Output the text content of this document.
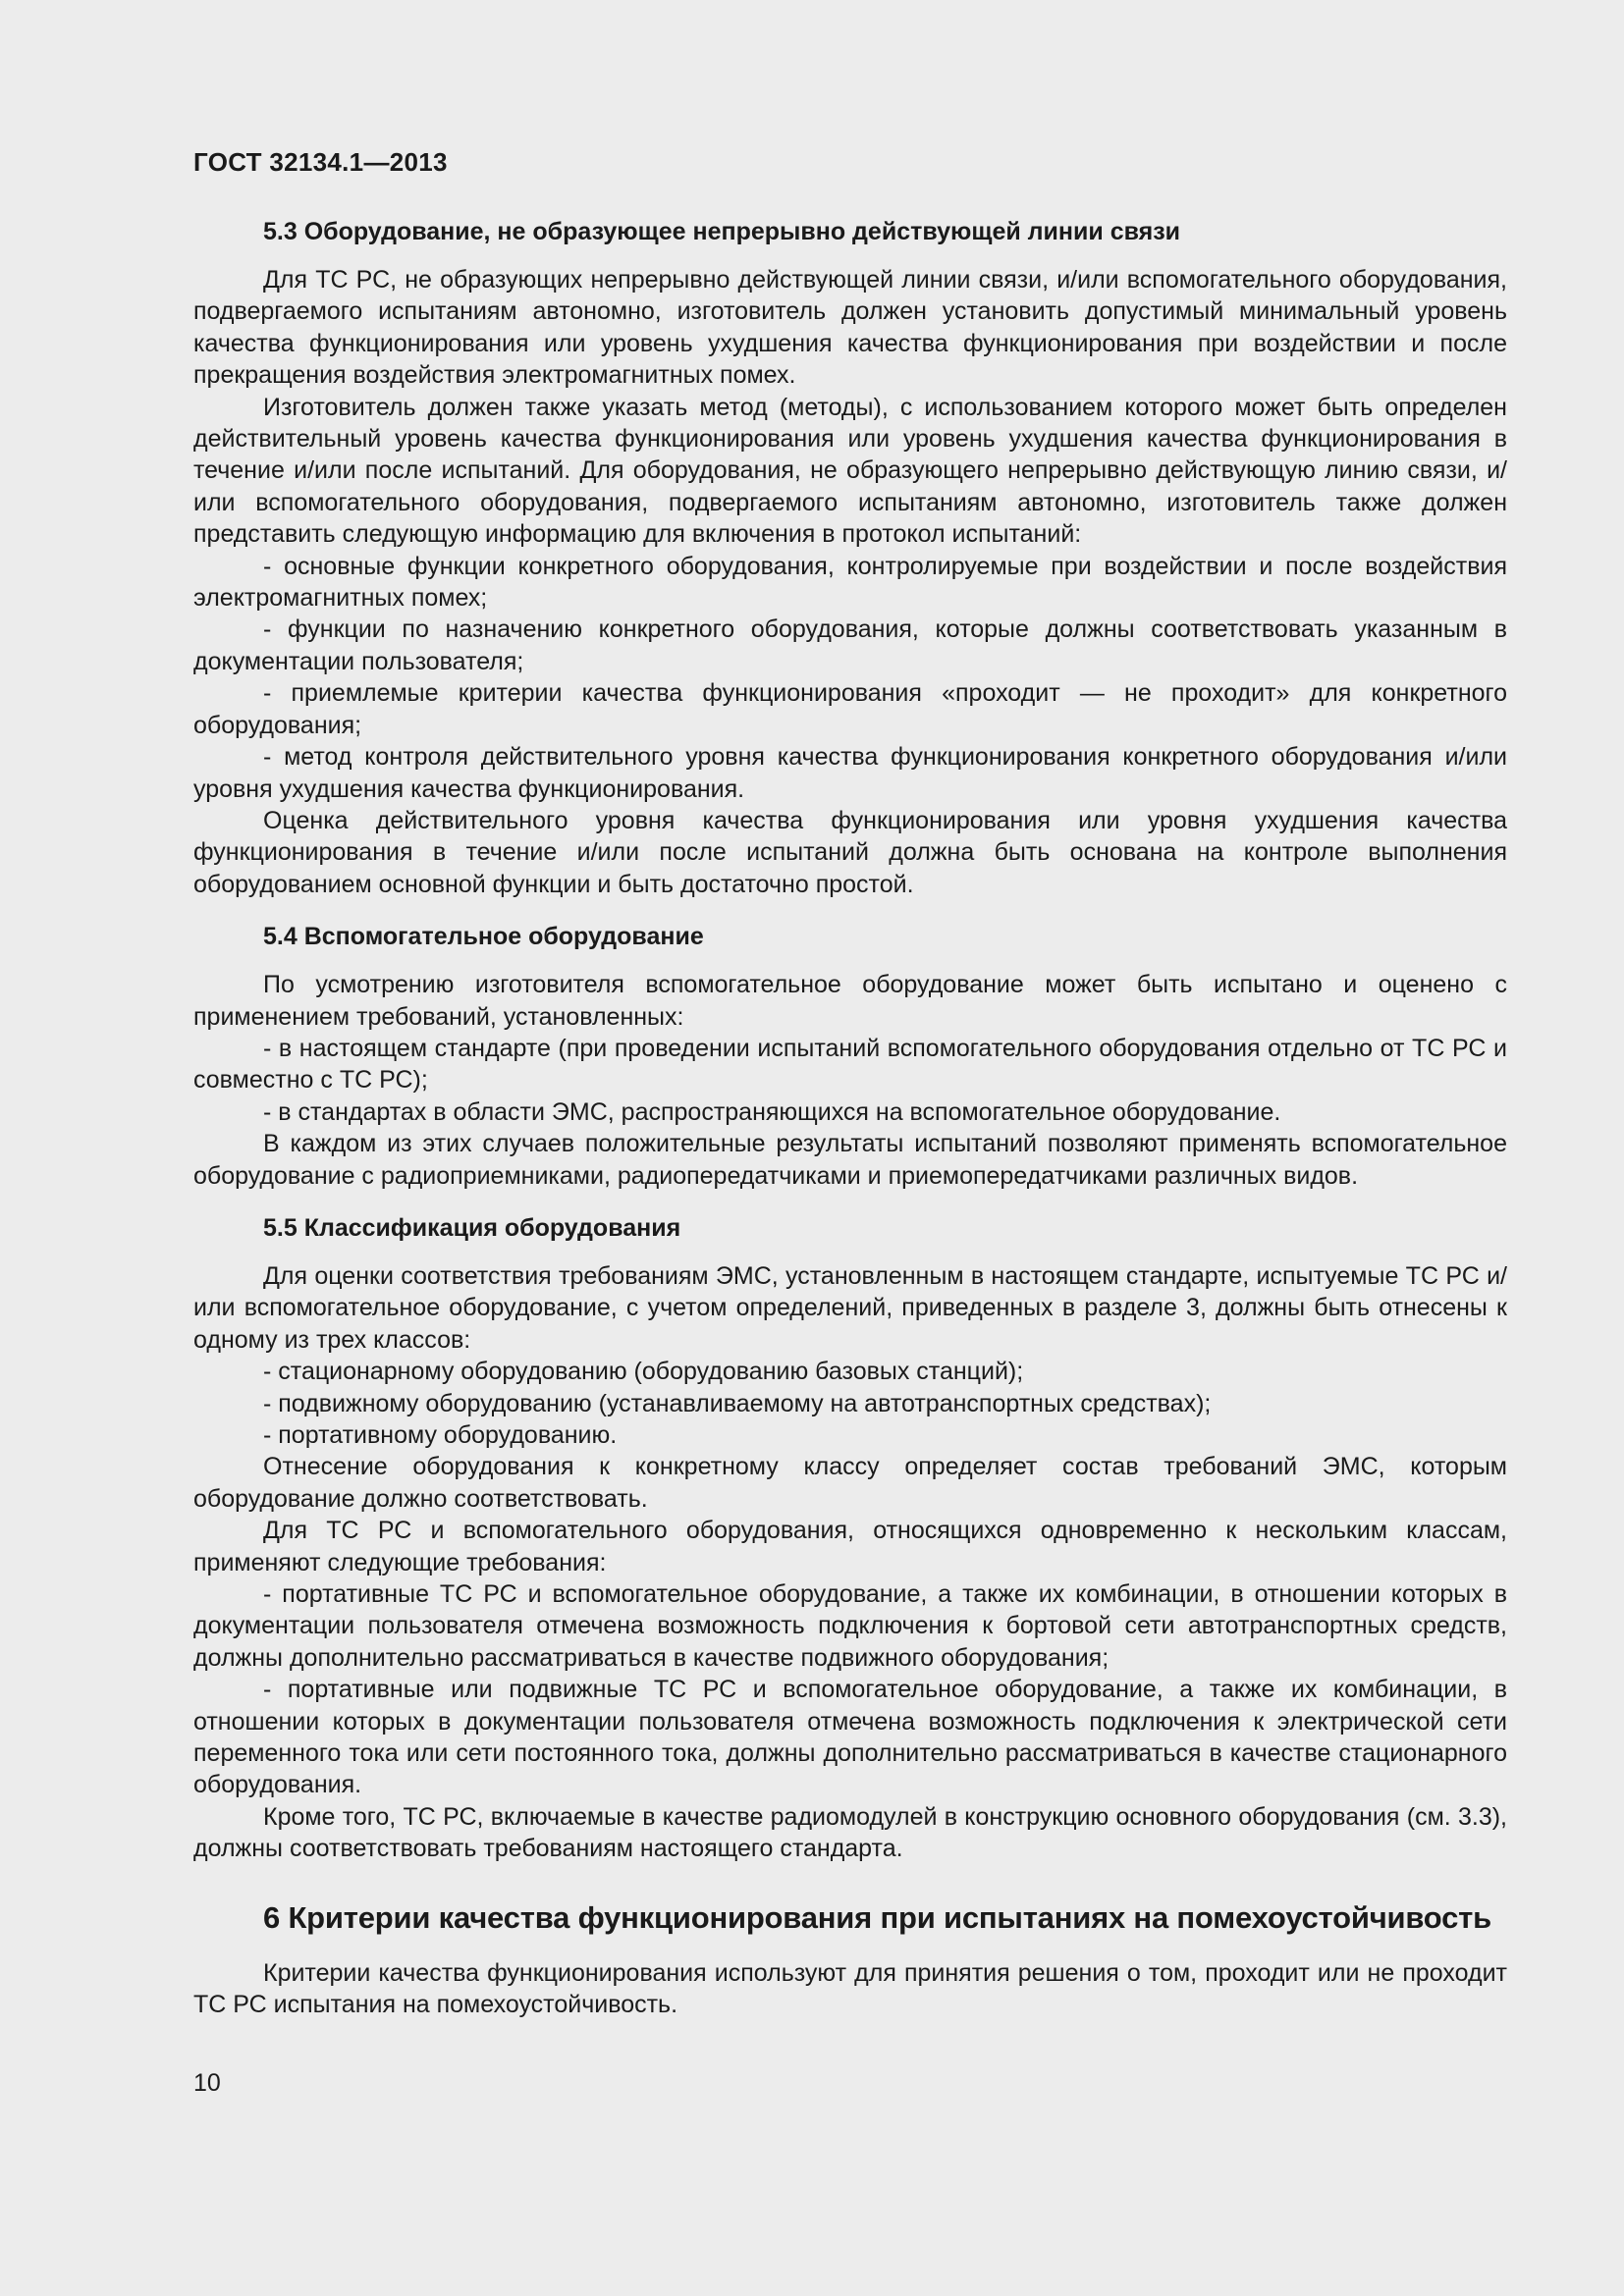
ГОСТ 32134.1—2013
5.3 Оборудование, не образующее непрерывно действующей линии связи

Для ТС РС, не образующих непрерывно действующей линии связи, и/или вспомогательного оборудования, подвергаемого испытаниям автономно, изготовитель должен установить допустимый минимальный уровень качества функционирования или уровень ухудшения качества функционирования при воздействии и после прекращения воздействия электромагнитных помех.

Изготовитель должен также указать метод (методы), с использованием которого может быть определен действительный уровень качества функционирования или уровень ухудшения качества функционирования в течение и/или после испытаний. Для оборудования, не образующего непрерывно действующую линию связи, и/или вспомогательного оборудования, подвергаемого испытаниям автономно, изготовитель также должен представить следующую информацию для включения в протокол испытаний:

- основные функции конкретного оборудования, контролируемые при воздействии и после воздействия электромагнитных помех;

- функции по назначению конкретного оборудования, которые должны соответствовать указанным в документации пользователя;

- приемлемые критерии качества функционирования «проходит — не проходит» для конкретного оборудования;

- метод контроля действительного уровня качества функционирования конкретного оборудования и/или уровня ухудшения качества функционирования.

Оценка действительного уровня качества функционирования или уровня ухудшения качества функционирования в течение и/или после испытаний должна быть основана на контроле выполнения оборудованием основной функции и быть достаточно простой.

5.4 Вспомогательное оборудование

По усмотрению изготовителя вспомогательное оборудование может быть испытано и оценено с применением требований, установленных:

- в настоящем стандарте (при проведении испытаний вспомогательного оборудования отдельно от ТС РС и совместно с ТС РС);

- в стандартах в области ЭМС, распространяющихся на вспомогательное оборудование.

В каждом из этих случаев положительные результаты испытаний позволяют применять вспомогательное оборудование с радиоприемниками, радиопередатчиками и приемопередатчиками различных видов.

5.5 Классификация оборудования

Для оценки соответствия требованиям ЭМС, установленным в настоящем стандарте, испытуемые ТС РС и/или вспомогательное оборудование, с учетом определений, приведенных в разделе 3, должны быть отнесены к одному из трех классов:

- стационарному оборудованию (оборудованию базовых станций);

- подвижному оборудованию (устанавливаемому на автотранспортных средствах);

- портативному оборудованию.

Отнесение оборудования к конкретному классу определяет состав требований ЭМС, которым оборудование должно соответствовать.

Для ТС РС и вспомогательного оборудования, относящихся одновременно к нескольким классам, применяют следующие требования:

- портативные ТС РС и вспомогательное оборудование, а также их комбинации, в отношении которых в документации пользователя отмечена возможность подключения к бортовой сети автотранспортных средств, должны дополнительно рассматриваться в качестве подвижного оборудования;

- портативные или подвижные ТС РС и вспомогательное оборудование, а также их комбинации, в отношении которых в документации пользователя отмечена возможность подключения к электрической сети переменного тока или сети постоянного тока, должны дополнительно рассматриваться в качестве стационарного оборудования.

Кроме того, ТС РС, включаемые в качестве радиомодулей в конструкцию основного оборудования (см. 3.3), должны соответствовать требованиям настоящего стандарта.

6 Критерии качества функционирования при испытаниях на помехоустойчивость

Критерии качества функционирования используют для принятия решения о том, проходит или не проходит ТС РС испытания на помехоустойчивость.

10
